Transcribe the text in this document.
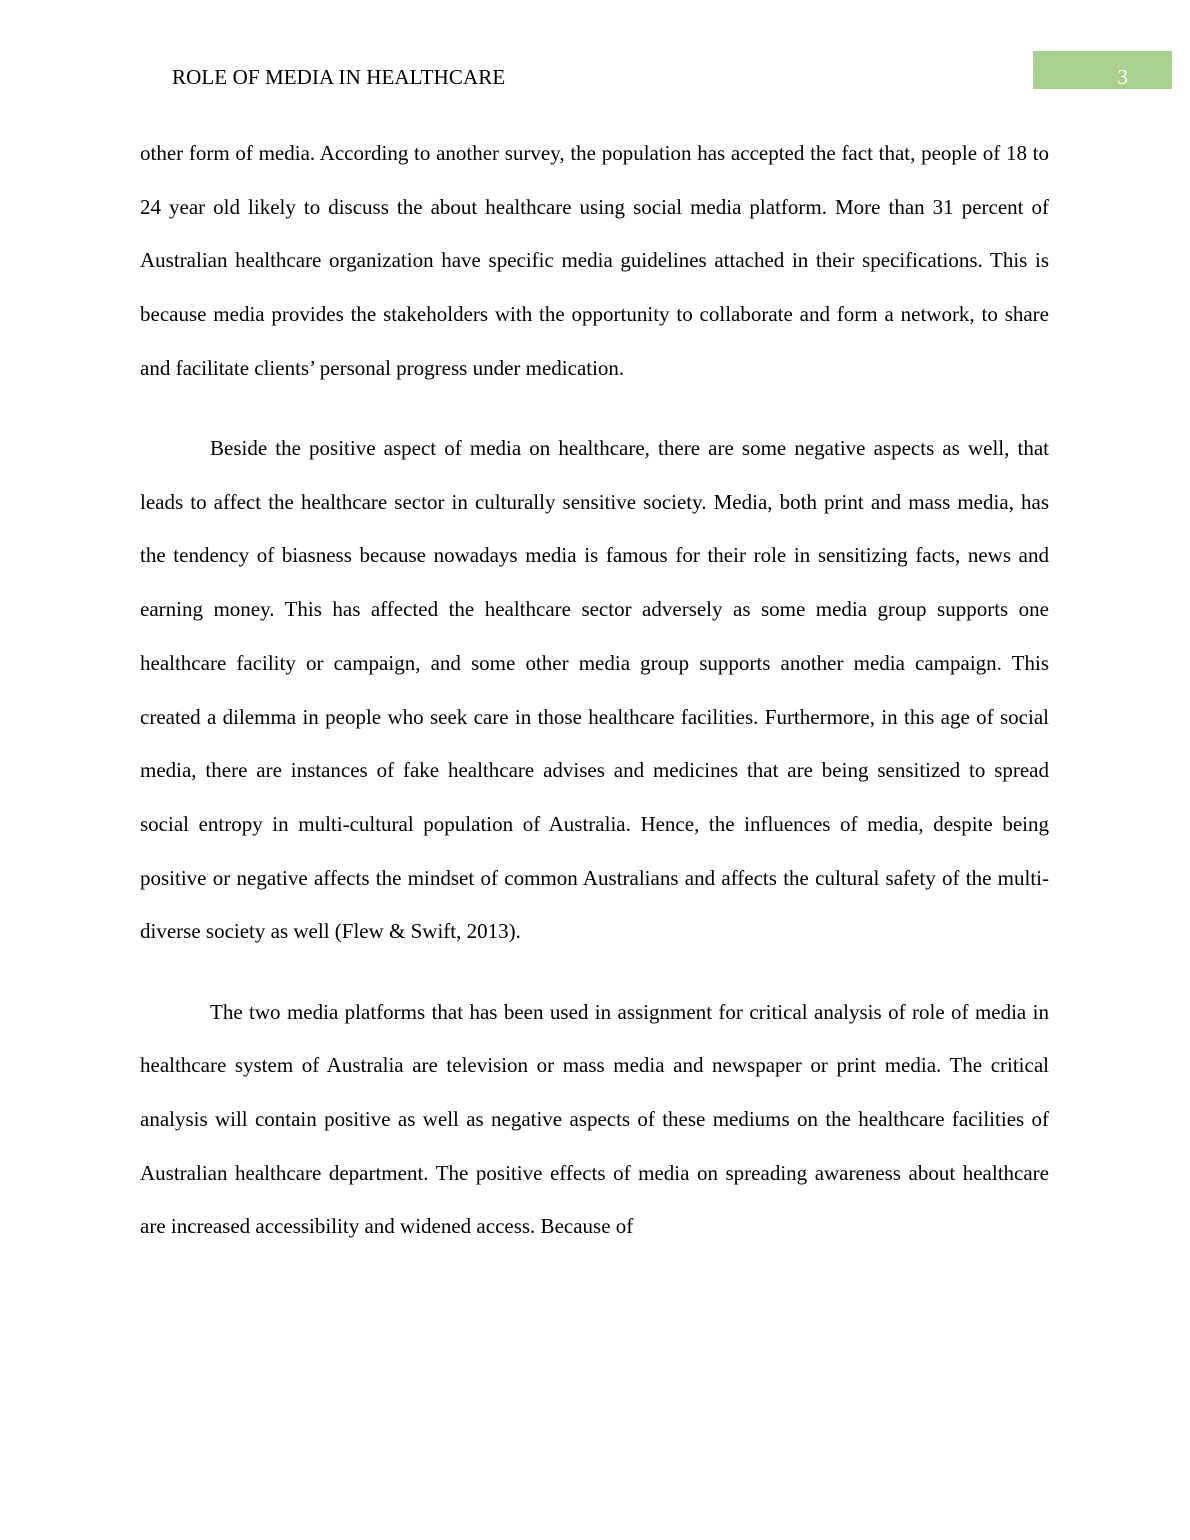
ROLE OF MEDIA IN HEALTHCARE	3

other form of media. According to another survey, the population has accepted the fact that, people of 18 to 24 year old likely to discuss the about healthcare using social media platform. More than 31 percent of Australian healthcare organization have specific media guidelines attached in their specifications. This is because media provides the stakeholders with the opportunity to collaborate and form a network, to share and facilitate clients’ personal progress under medication.

Beside the positive aspect of media on healthcare, there are some negative aspects as well, that leads to affect the healthcare sector in culturally sensitive society. Media, both print and mass media, has the tendency of biasness because nowadays media is famous for their role in sensitizing facts, news and earning money. This has affected the healthcare sector adversely as some media group supports one healthcare facility or campaign, and some other media group supports another media campaign. This created a dilemma in people who seek care in those healthcare facilities. Furthermore, in this age of social media, there are instances of fake healthcare advises and medicines that are being sensitized to spread social entropy in multi-cultural population of Australia. Hence, the influences of media, despite being positive or negative affects the mindset of common Australians and affects the cultural safety of the multi-diverse society as well (Flew & Swift, 2013).

The two media platforms that has been used in assignment for critical analysis of role of media in healthcare system of Australia are television or mass media and newspaper or print media. The critical analysis will contain positive as well as negative aspects of these mediums on the healthcare facilities of Australian healthcare department. The positive effects of media on spreading awareness about healthcare are increased accessibility and widened access. Because of
